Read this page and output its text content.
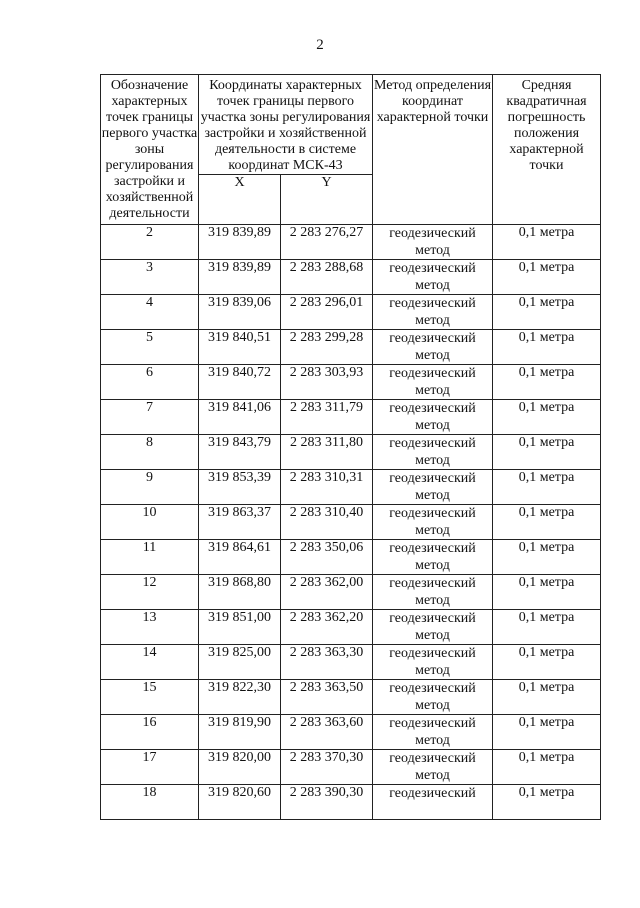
2
Обозначение характерных точек границы первого участка зоны регулирования застройки и хозяйственной деятельности	Координаты характерных точек границы первого участка зоны регулирования застройки и хозяйственной деятельности в системе координат МСК-43		Метод определения координат характерной точки	Средняя квадратичная погрешность положения характерной точки

	X	Y		
2	319 839,89	2 283 276,27	геодезический метод	0,1 метра
3	319 839,89	2 283 288,68	геодезический метод	0,1 метра
4	319 839,06	2 283 296,01	геодезический метод	0,1 метра
5	319 840,51	2 283 299,28	геодезический метод	0,1 метра
6	319 840,72	2 283 303,93	геодезический метод	0,1 метра
7	319 841,06	2 283 311,79	геодезический метод	0,1 метра
8	319 843,79	2 283 311,80	геодезический метод	0,1 метра
9	319 853,39	2 283 310,31	геодезический метод	0,1 метра
10	319 863,37	2 283 310,40	геодезический метод	0,1 метра
11	319 864,61	2 283 350,06	геодезический метод	0,1 метра
12	319 868,80	2 283 362,00	геодезический метод	0,1 метра
13	319 851,00	2 283 362,20	геодезический метод	0,1 метра
14	319 825,00	2 283 363,30	геодезический метод	0,1 метра
15	319 822,30	2 283 363,50	геодезический метод	0,1 метра
16	319 819,90	2 283 363,60	геодезический метод	0,1 метра
17	319 820,00	2 283 370,30	геодезический метод	0,1 метра
18	319 820,60	2 283 390,30	геодезический	0,1 метра
